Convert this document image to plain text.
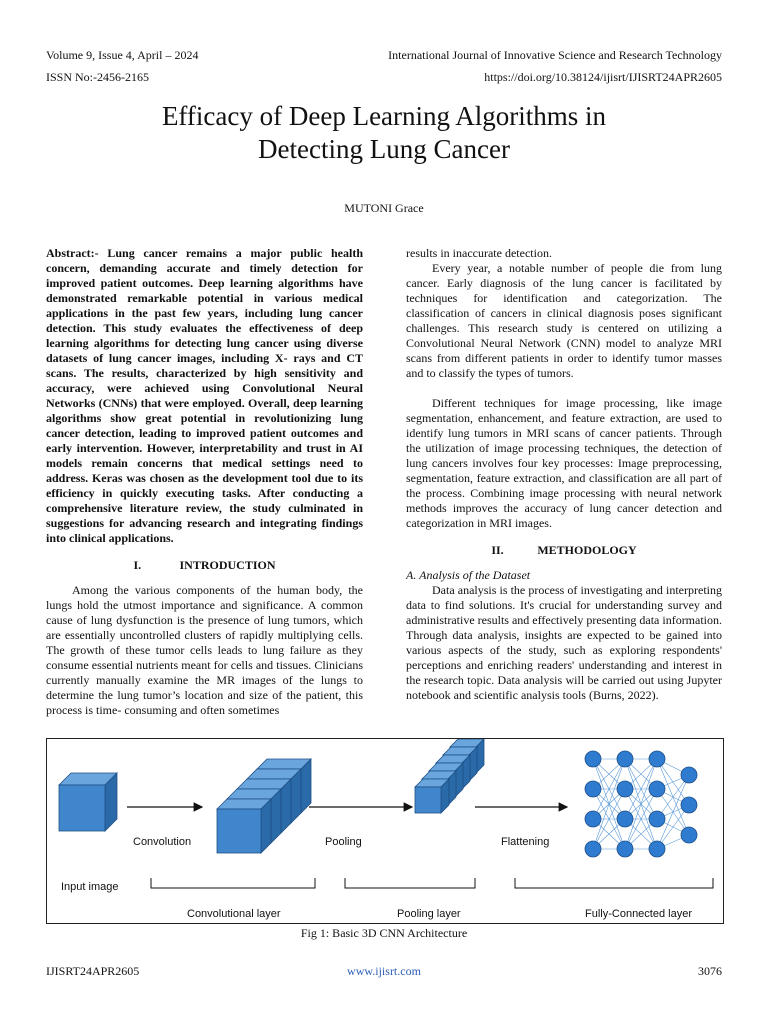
Volume 9, Issue 4, April – 2024
ISSN No:-2456-2165
International Journal of Innovative Science and Research Technology
https://doi.org/10.38124/ijisrt/IJISRT24APR2605
Efficacy of Deep Learning Algorithms in
Detecting Lung Cancer
MUTONI Grace

Abstract:- Lung cancer remains a major public health concern, demanding accurate and timely detection for improved patient outcomes. Deep learning algorithms have demonstrated remarkable potential in various medical applications in the past few years, including lung cancer detection. This study evaluates the effectiveness of deep learning algorithms for detecting lung cancer using diverse datasets of lung cancer images, including X- rays and CT scans. The results, characterized by high sensitivity and accuracy, were achieved using Convolutional Neural Networks (CNNs) that were employed. Overall, deep learning algorithms show great potential in revolutionizing lung cancer detection, leading to improved patient outcomes and early intervention. However, interpretability and trust in AI models remain concerns that medical settings need to address. Keras was chosen as the development tool due to its efficiency in quickly executing tasks. After conducting a comprehensive literature review, the study culminated in suggestions for advancing research and integrating findings into clinical applications.

I.	INTRODUCTION

Among the various components of the human body, the lungs hold the utmost importance and significance. A common cause of lung dysfunction is the presence of lung tumors, which are essentially uncontrolled clusters of rapidly multiplying cells. The growth of these tumor cells leads to lung failure as they consume essential nutrients meant for cells and tissues. Clinicians currently manually examine the MR images of the lungs to determine the lung tumor’s location and size of the patient, this process is time- consuming and often sometimes

results in inaccurate detection.

Every year, a notable number of people die from lung cancer. Early diagnosis of the lung cancer is facilitated by techniques for identification and categorization. The classification of cancers in clinical diagnosis poses significant challenges. This research study is centered on utilizing a Convolutional Neural Network (CNN) model to analyze MRI scans from different patients in order to identify tumor masses and to classify the types of tumors.

Different techniques for image processing, like image segmentation, enhancement, and feature extraction, are used to identify lung tumors in MRI scans of cancer patients. Through the utilization of image processing techniques, the detection of lung cancers involves four key processes: Image preprocessing, segmentation, feature extraction, and classification are all part of the process. Combining image processing with neural network methods improves the accuracy of lung cancer detection and categorization in MRI images.

II.	METHODOLOGY

A. Analysis of the Dataset

Data analysis is the process of investigating and interpreting data to find solutions. It's crucial for understanding survey and administrative results and effectively presenting data information. Through data analysis, insights are expected to be gained into various aspects of the study, such as exploring respondents' perceptions and enriching readers' understanding and interest in the research topic. Data analysis will be carried out using Jupyter notebook and scientific analysis tools (Burns, 2022).

Convolution	Pooling	Flattening
Input image
Convolutional layer	Pooling layer	Fully-Connected layer
Fig 1: Basic 3D CNN Architecture
IJISRT24APR2605	www.ijisrt.com	3076
